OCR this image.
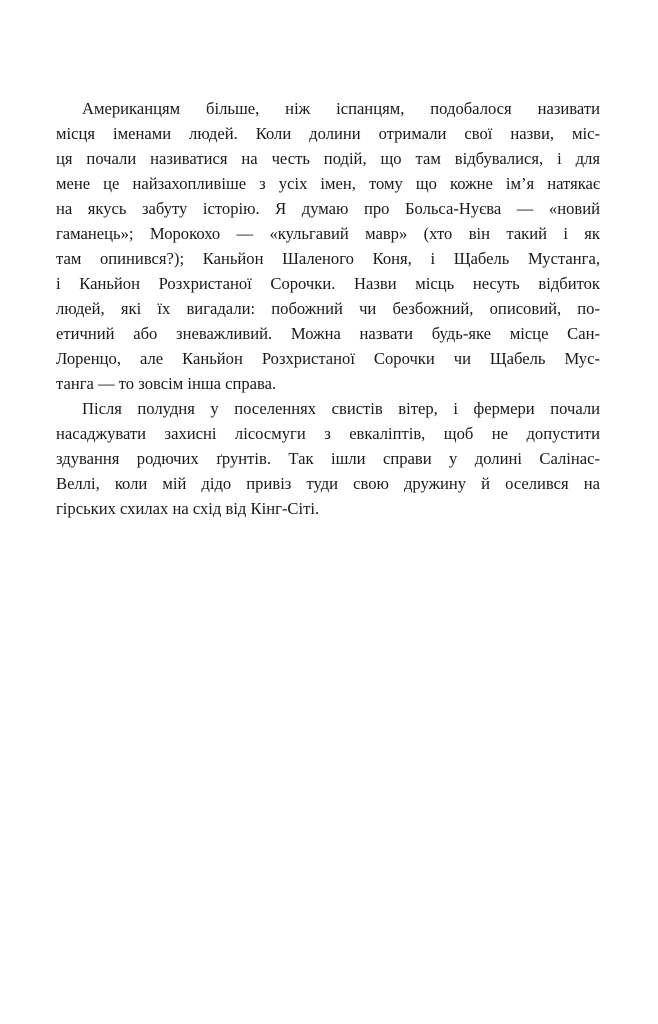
Американцям більше, ніж іспанцям, подобалося називати
місця іменами людей. Коли долини отримали свої назви, міс-
ця почали називатися на честь подій, що там відбувалися, і для
мене це найзахопливіше з усіх імен, тому що кожне ім’я натякає
на якусь забуту історію. Я думаю про Больса-Нуєва — «новий
гаманець»; Морокохо — «кульгавий мавр» (хто він такий і як
там опинився?); Каньйон Шаленого Коня, і Щабель Мустанга,
і Каньйон Розхристаної Сорочки. Назви місць несуть відбиток
людей, які їх вигадали: побожний чи безбожний, описовий, по-
етичний або зневажливий. Можна назвати будь-яке місце Сан-
Лоренцо, але Каньйон Розхристаної Сорочки чи Щабель Мус-
танга — то зовсім інша справа.
Після полудня у поселеннях свистів вітер, і фермери почали
насаджувати захисні лісосмуги з евкаліптів, щоб не допустити
здування родючих ґрунтів. Так ішли справи у долині Салінас-
Веллі, коли мій дідо привіз туди свою дружину й оселився на
гірських схилах на схід від Кінг-Сіті.
